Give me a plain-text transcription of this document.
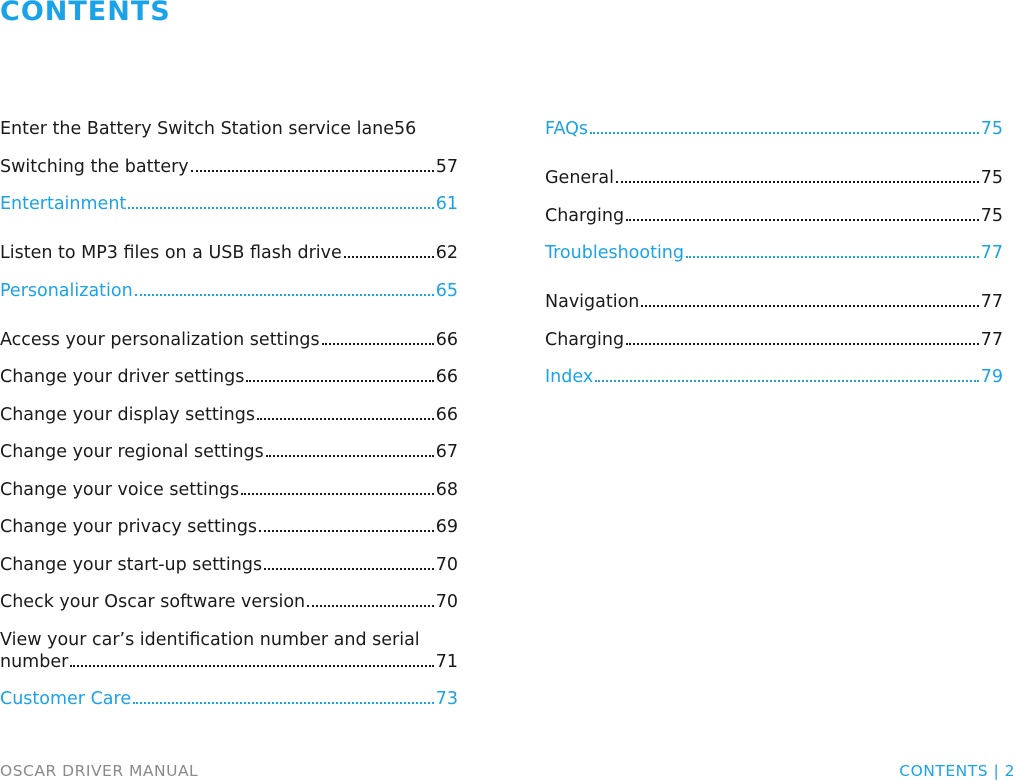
CONTENTS
Enter the Battery Switch Station service lane 56
Switching the battery	57
Entertainment	61
Listen to MP3 files on a USB flash drive	62
Personalization	65
Access your personalization settings	66
Change your driver settings	66
Change your display settings	66
Change your regional settings	67
Change your voice settings	68
Change your privacy settings	69
Change your start-up settings	70
Check your Oscar software version	70
View your car’s identification number and serial
number	71
Customer Care	73
FAQs	75
General	75
Charging	75
Troubleshooting	77
Navigation	77
Charging	77
Index	79
OSCAR DRIVER MANUAL	CONTENTS | 2
